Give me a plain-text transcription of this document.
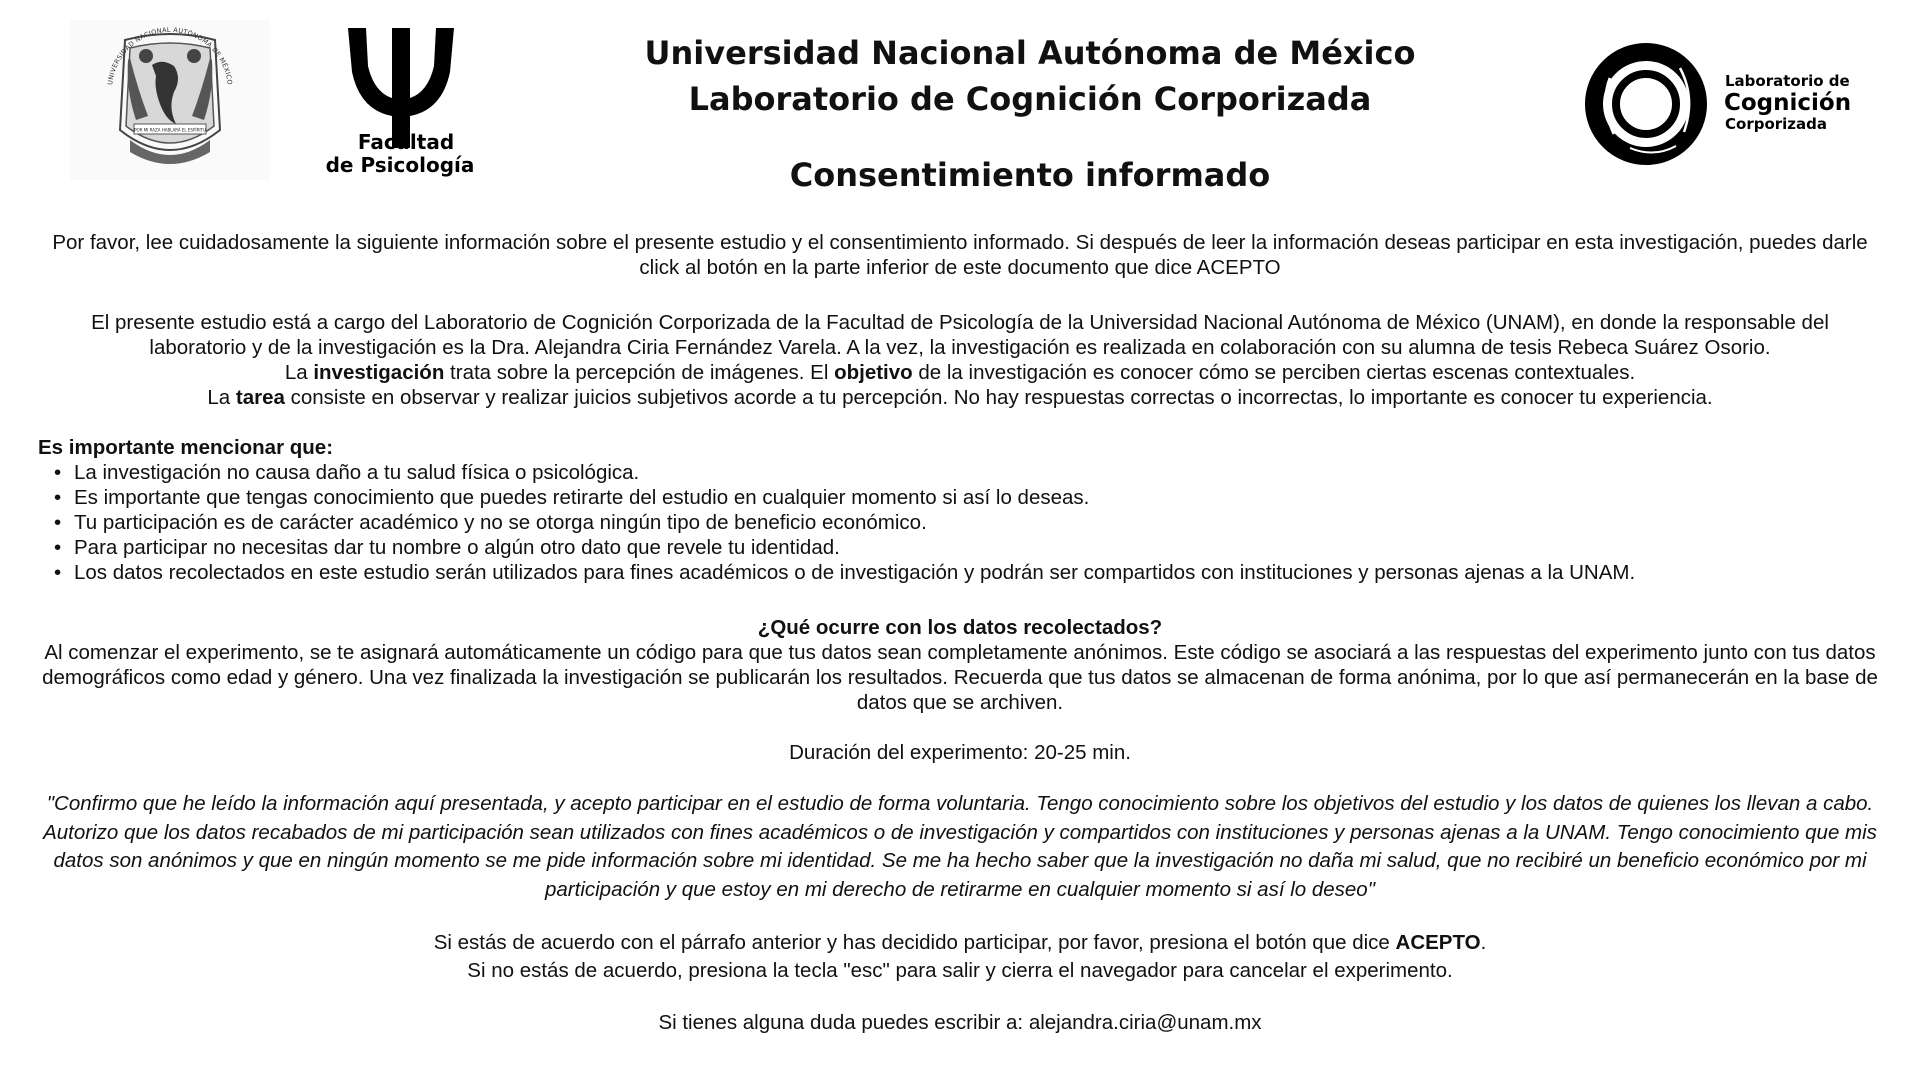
UNIVERSIDAD NACIONAL AUTÓNOMA DE MÉXICO
POR MI RAZA HABLARÁ EL ESPÍRITU	Facultad
de Psicología
Universidad Nacional Autónoma de México
Laboratorio de Cognición Corporizada
Consentimiento informado
Laboratorio de
Cognición
Corporizada

Por favor, lee cuidadosamente la siguiente información sobre el presente estudio y el consentimiento informado. Si después de leer la información deseas participar en esta investigación, puedes darle click al botón en la parte inferior de este documento que dice ACEPTO

El presente estudio está a cargo del Laboratorio de Cognición Corporizada de la Facultad de Psicología de la Universidad Nacional Autónoma de México (UNAM), en donde la responsable del laboratorio y de la investigación es la Dra. Alejandra Ciria Fernández Varela. A la vez, la investigación es realizada en colaboración con su alumna de tesis Rebeca Suárez Osorio.

La investigación trata sobre la percepción de imágenes. El objetivo de la investigación es conocer cómo se perciben ciertas escenas contextuales.

La tarea consiste en observar y realizar juicios subjetivos acorde a tu percepción. No hay respuestas correctas o incorrectas, lo importante es conocer tu experiencia.

Es importante mencionar que:

• La investigación no causa daño a tu salud física o psicológica.
• Es importante que tengas conocimiento que puedes retirarte del estudio en cualquier momento si así lo deseas.
• Tu participación es de carácter académico y no se otorga ningún tipo de beneficio económico.
• Para participar no necesitas dar tu nombre o algún otro dato que revele tu identidad.
• Los datos recolectados en este estudio serán utilizados para fines académicos o de investigación y podrán ser compartidos con instituciones y personas ajenas a la UNAM.

¿Qué ocurre con los datos recolectados?

Al comenzar el experimento, se te asignará automáticamente un código para que tus datos sean completamente anónimos. Este código se asociará a las respuestas del experimento junto con tus datos demográficos como edad y género. Una vez finalizada la investigación se publicarán los resultados. Recuerda que tus datos se almacenan de forma anónima, por lo que así permanecerán en la base de datos que se archiven.

Duración del experimento: 20-25 min.

"Confirmo que he leído la información aquí presentada, y acepto participar en el estudio de forma voluntaria. Tengo conocimiento sobre los objetivos del estudio y los datos de quienes los llevan a cabo. Autorizo que los datos recabados de mi participación sean utilizados con fines académicos o de investigación y compartidos con instituciones y personas ajenas a la UNAM. Tengo conocimiento que mis datos son anónimos y que en ningún momento se me pide información sobre mi identidad. Se me ha hecho saber que la investigación no daña mi salud, que no recibiré un beneficio económico por mi participación y que estoy en mi derecho de retirarme en cualquier momento si así lo deseo"

Si estás de acuerdo con el párrafo anterior y has decidido participar, por favor, presiona el botón que dice ACEPTO.

Si no estás de acuerdo, presiona la tecla "esc" para salir y cierra el navegador para cancelar el experimento.

Si tienes alguna duda puedes escribir a: alejandra.ciria@unam.mx
